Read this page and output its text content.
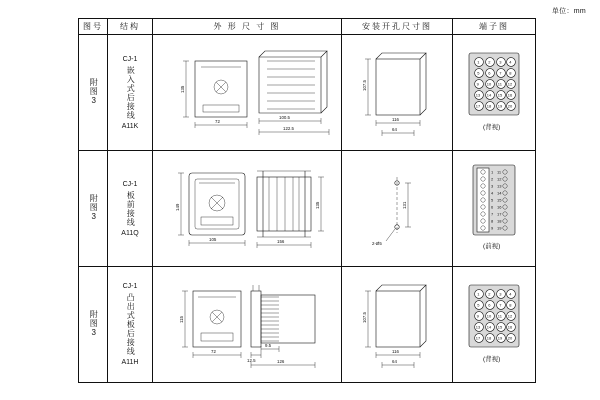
单位：mm
图号	结构	外 形 尺 寸 图	安装开孔尺寸图	端子图
附图3	
CJ-1
嵌入式后接线
A11K

135
72
100.5
122.5

107.5
116
64

1 2 3 4
5 6 7 8
9 10 11 12
13 14 15 16
17 18 19 20
(背视)

附图3	
CJ-1
板前接线
A11Q

149
105	156
135	131
2-Ø5

1
2
3
4
5
6
7
8
9
11
12
13
14
15
16
17
18
19
(前视)

附图3	
CJ-1
凸出式板后接线
A11H

115
72
12.5
9.5
126

107.5
116
64

1 2 3 4
5 6 7 8
9 10 11 12
13 14 15 16
17 18 19 20
(背视)
